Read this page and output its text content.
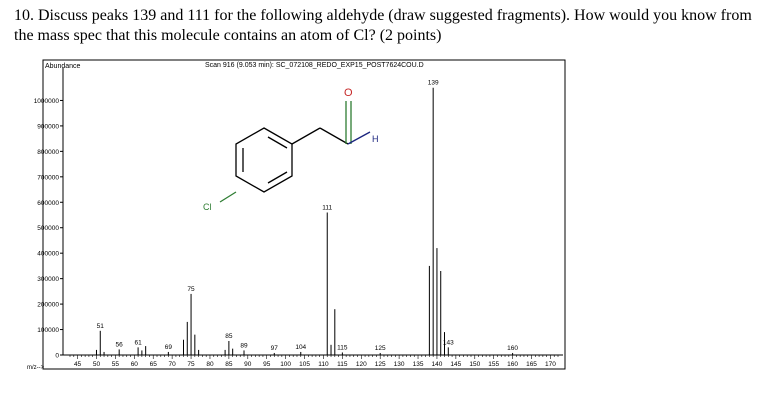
10. Discuss peaks 139 and 111 for the following aldehyde (draw suggested fragments). How would you know from the mass spec that this molecule contains an atom of Cl? (2 points)
0
100000
200000
300000
400000
500000
600000
700000
800000
900000
1000000
45 50 55 60 65 70 75 80 85 90 95 100 105 110 115 120 125 130 135 140 145 150 155 160 165 170
51
56 61
69
75
85
89	97	104
111
115	125
139
143
160
Abundance	Scan 916 (9.053 min): SC_072108_REDO_EXP15_POST7624COU.D
m/z-->
O
H
Cl
